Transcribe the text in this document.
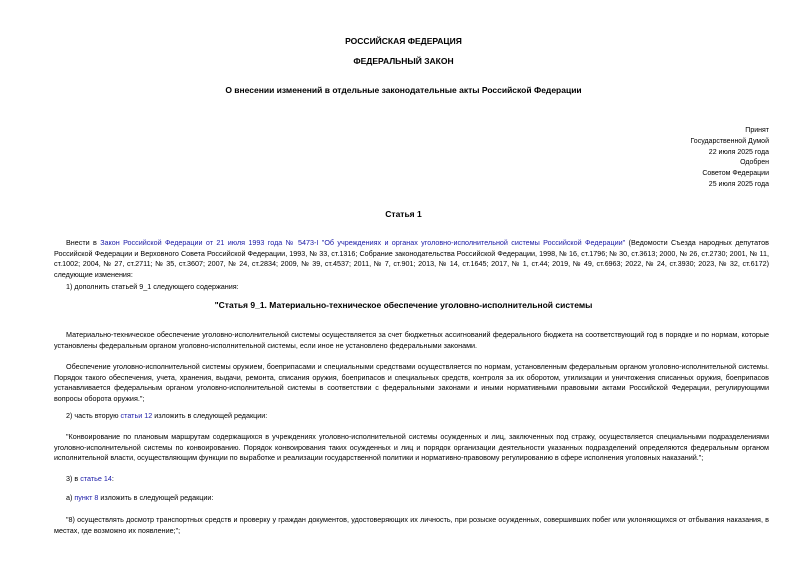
РОССИЙСКАЯ ФЕДЕРАЦИЯ
ФЕДЕРАЛЬНЫЙ ЗАКОН
О внесении изменений в отдельные законодательные акты Российской Федерации
Принят
Государственной Думой
22 июля 2025 года
Одобрен
Советом Федерации
25 июля 2025 года
Статья 1
Внести в Закон Российской Федерации от 21 июля 1993 года № 5473-I "Об учреждениях и органах уголовно-исполнительной системы Российской Федерации" (Ведомости Съезда народных депутатов Российской Федерации и Верховного Совета Российской Федерации, 1993, № 33, ст.1316; Собрание законодательства Российской Федерации, 1998, № 16, ст.1796; № 30, ст.3613; 2000, № 26, ст.2730; 2001, № 11, ст.1002; 2004, № 27, ст.2711; № 35, ст.3607; 2007, № 24, ст.2834; 2009, № 39, ст.4537; 2011, № 7, ст.901; 2013, № 14, ст.1645; 2017, № 1, ст.44; 2019, № 49, ст.6963; 2022, № 24, ст.3930; 2023, № 32, ст.6172) следующие изменения:
1) дополнить статьей 9_1 следующего содержания:
"Статья 9_1. Материально-техническое обеспечение уголовно-исполнительной системы
Материально-техническое обеспечение уголовно-исполнительной системы осуществляется за счет бюджетных ассигнований федерального бюджета на соответствующий год в порядке и по нормам, которые установлены федеральным органом уголовно-исполнительной системы, если иное не установлено федеральными законами.
Обеспечение уголовно-исполнительной системы оружием, боеприпасами и специальными средствами осуществляется по нормам, установленным федеральным органом уголовно-исполнительной системы. Порядок такого обеспечения, учета, хранения, выдачи, ремонта, списания оружия, боеприпасов и специальных средств, контроля за их оборотом, утилизации и уничтожения списанных оружия, боеприпасов устанавливается федеральным органом уголовно-исполнительной системы в соответствии с федеральными законами и иными нормативными правовыми актами Российской Федерации, регулирующими вопросы оборота оружия.";
2) часть вторую статьи 12 изложить в следующей редакции:
"Конвоирование по плановым маршрутам содержащихся в учреждениях уголовно-исполнительной системы осужденных и лиц, заключенных под стражу, осуществляется специальными подразделениями уголовно-исполнительной системы по конвоированию. Порядок конвоирования таких осужденных и лиц и порядок организации деятельности указанных подразделений определяются федеральным органом исполнительной власти, осуществляющим функции по выработке и реализации государственной политики и нормативно-правовому регулированию в сфере исполнения уголовных наказаний.";
3) в статье 14:
а) пункт 8 изложить в следующей редакции:
"8) осуществлять досмотр транспортных средств и проверку у граждан документов, удостоверяющих их личность, при розыске осужденных, совершивших побег или уклоняющихся от отбывания наказания, в местах, где возможно их появление;";
